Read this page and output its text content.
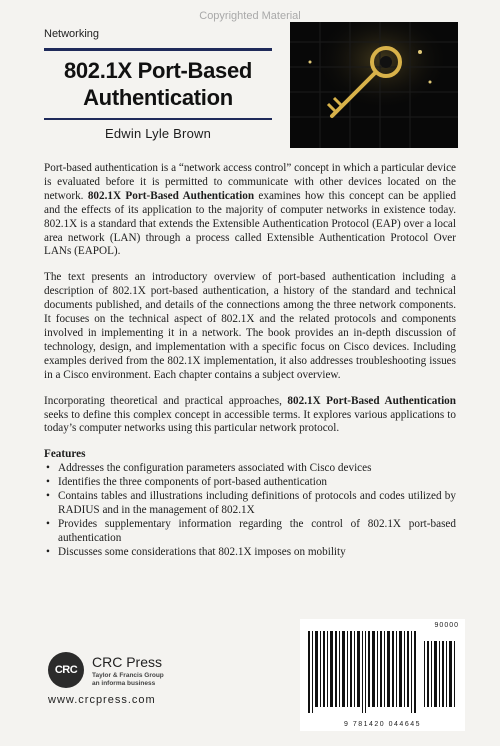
Copyrighted Material
Networking
802.1X Port-Based
Authentication
Edwin Lyle Brown

Port-based authentication is a “network access control” concept in which a particular device is evaluated before it is permitted to communicate with other devices located on the network. 802.1X Port-Based Authentication examines how this concept can be applied and the effects of its application to the majority of computer networks in existence today. 802.1X is a standard that extends the Extensible Authentication Protocol (EAP) over a local area network (LAN) through a process called Extensible Authentication Protocol Over LANs (EAPOL).

The text presents an introductory overview of port-based authentication including a description of 802.1X port-based authentication, a history of the standard and technical documents published, and details of the connections among the three network components. It focuses on the technical aspect of 802.1X and the related protocols and components involved in implementing it in a network. The book provides an in-depth discussion of technology, design, and implementation with a specific focus on Cisco devices. Including examples derived from the 802.1X implementation, it also addresses troubleshooting issues in a Cisco environment. Each chapter contains a subject overview.

Incorporating theoretical and practical approaches, 802.1X Port-Based Authentication seeks to define this complex concept in accessible terms. It explores various applications to today’s computer networks using this particular network protocol.

Features
• Addresses the configuration parameters associated with Cisco devices
• Identifies the three components of port-based authentication
• Contains tables and illustrations including definitions of protocols and codes utilized by RADIUS and in the management of 802.1X
• Provides supplementary information regarding the control of 802.1X port-based authentication
• Discusses some considerations that 802.1X imposes on mobility
CRC	CRC Press
Taylor & Francis Group
an informa business
www.crcpress.com
90000
9 781420 044645
